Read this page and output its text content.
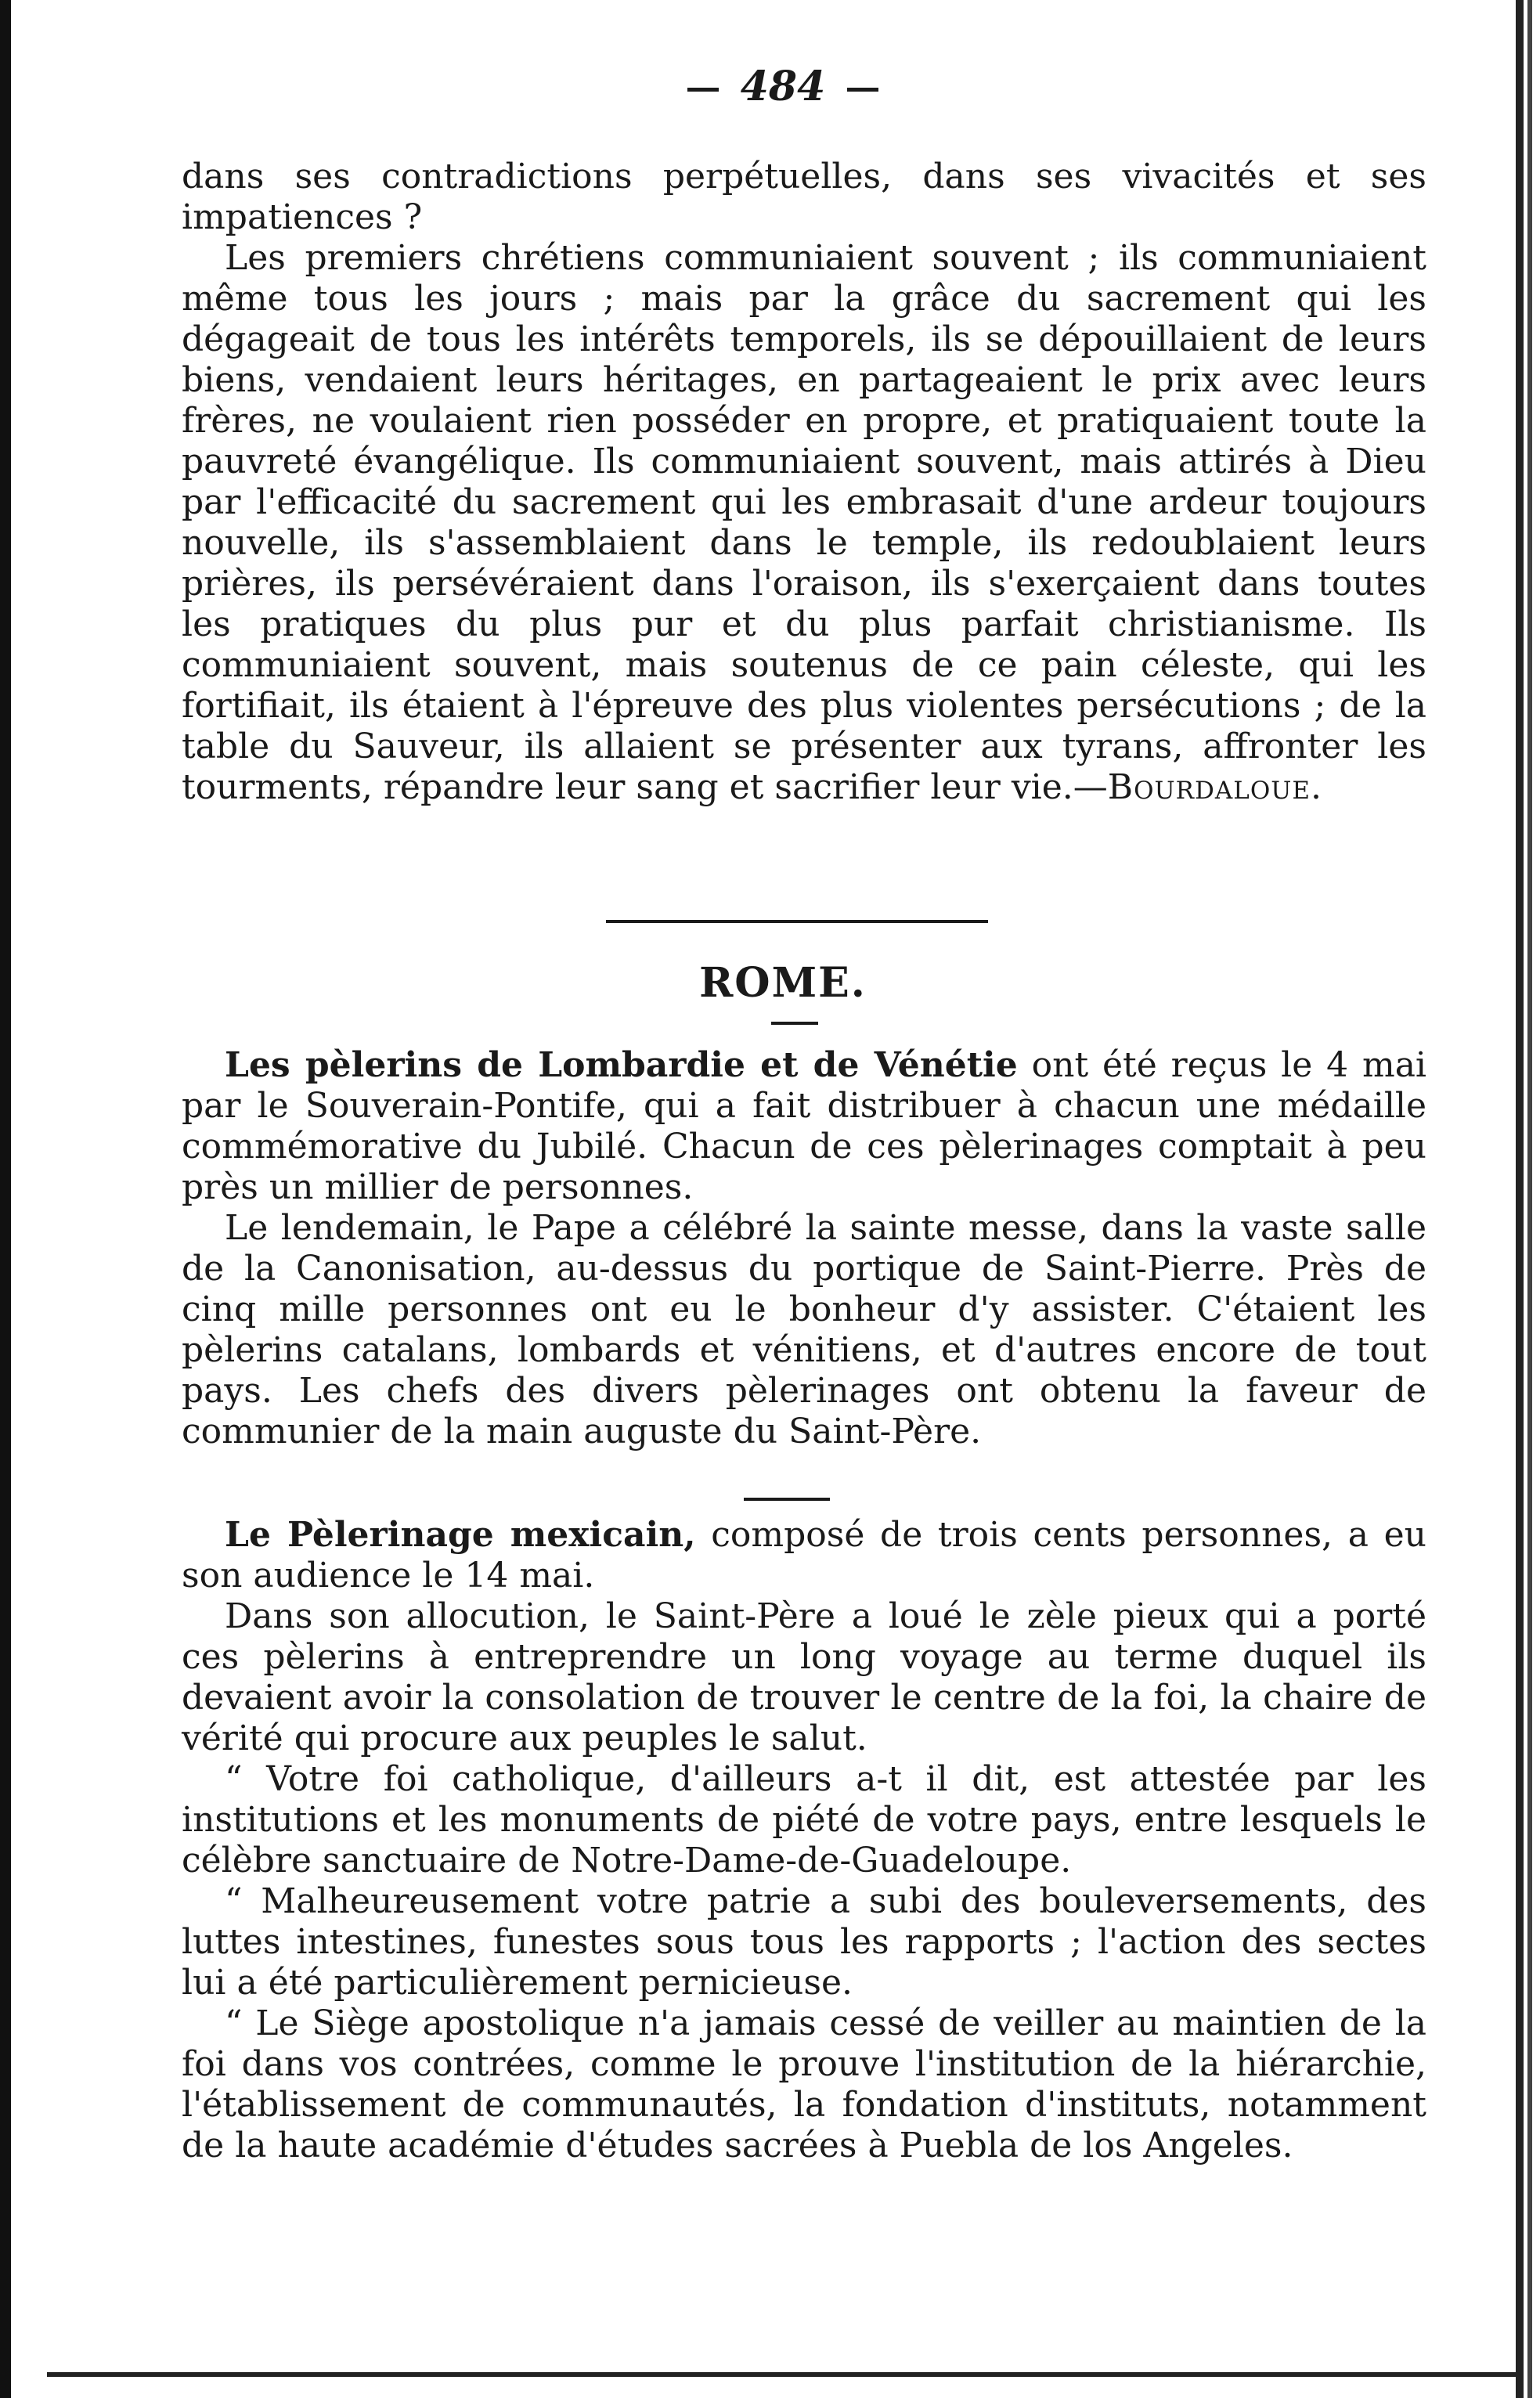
484

dans ses contradictions perpétuelles, dans ses vivacités et ses impatiences ?

Les premiers chrétiens communiaient souvent ; ils communiaient même tous les jours ; mais par la grâce du sacrement qui les dégageait de tous les intérêts temporels, ils se dépouillaient de leurs biens, vendaient leurs héritages, en partageaient le prix avec leurs frères, ne voulaient rien posséder en propre, et pratiquaient toute la pauvreté évangélique. Ils communiaient souvent, mais attirés à Dieu par l'efficacité du sacrement qui les embrasait d'une ardeur toujours nouvelle, ils s'assemblaient dans le temple, ils redoublaient leurs prières, ils persévéraient dans l'oraison, ils s'exerçaient dans toutes les pratiques du plus pur et du plus parfait christianisme. Ils communiaient souvent, mais soutenus de ce pain céleste, qui les fortifiait, ils étaient à l'épreuve des plus violentes persécutions ; de la table du Sauveur, ils allaient se présenter aux tyrans, affronter les tourments, répandre leur sang et sacrifier leur vie.—Bourdaloue.

ROME.

Les pèlerins de Lombardie et de Vénétie ont été reçus le 4 mai par le Souverain-Pontife, qui a fait distribuer à chacun une médaille commémorative du Jubilé. Chacun de ces pèlerinages comptait à peu près un millier de personnes.

Le lendemain, le Pape a célébré la sainte messe, dans la vaste salle de la Canonisation, au-dessus du portique de Saint-Pierre. Près de cinq mille personnes ont eu le bonheur d'y assister. C'étaient les pèlerins catalans, lombards et vénitiens, et d'autres encore de tout pays. Les chefs des divers pèlerinages ont obtenu la faveur de communier de la main auguste du Saint-Père.

Le Pèlerinage mexicain, composé de trois cents personnes, a eu son audience le 14 mai.

Dans son allocution, le Saint-Père a loué le zèle pieux qui a porté ces pèlerins à entreprendre un long voyage au terme duquel ils devaient avoir la consolation de trouver le centre de la foi, la chaire de vérité qui procure aux peuples le salut.

“ Votre foi catholique, d'ailleurs a-t il dit, est attestée par les institutions et les monuments de piété de votre pays, entre lesquels le célèbre sanctuaire de Notre-Dame-de-Guadeloupe.

“ Malheureusement votre patrie a subi des bouleversements, des luttes intestines, funestes sous tous les rapports ; l'action des sectes lui a été particulièrement pernicieuse.

“ Le Siège apostolique n'a jamais cessé de veiller au maintien de la foi dans vos contrées, comme le prouve l'institution de la hiérarchie, l'établissement de communautés, la fondation d'instituts, notamment de la haute académie d'études sacrées à Puebla de los Angeles.
